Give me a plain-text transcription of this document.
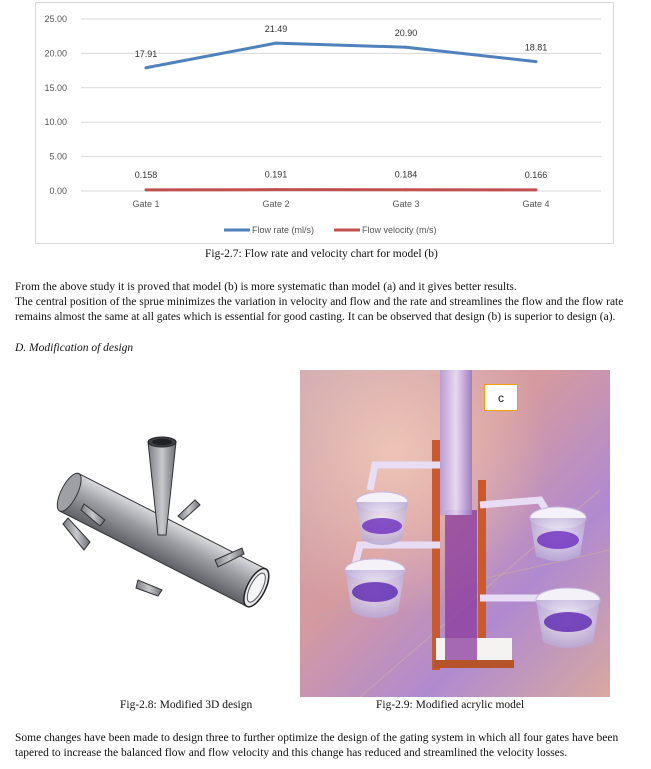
0.00
5.00
10.00
15.00
20.00
25.00
Gate 1	Gate 2	Gate 3	Gate 4
17.91
21.49	20.90
18.81
0.158	0.191	0.184	0.166
Flow rate (ml/s)	Flow velocity (m/s)
Fig-2.7: Flow rate and velocity chart for model (b)
From the above study it is proved that model (b) is more systematic than model (a) and it gives better results.
The central position of the sprue minimizes the variation in velocity and flow and the rate and streamlines the flow and the flow rate remains almost the same at all gates which is essential for good casting. It can be observed that design (b) is superior to design (a).
D. Modification of design
Fig-2.8: Modified 3D design
c
Fig-2.9: Modified acrylic model
Some changes have been made to design three to further optimize the design of the gating system in which all four gates have been tapered to increase the balanced flow and flow velocity and this change has reduced and streamlined the velocity losses.
